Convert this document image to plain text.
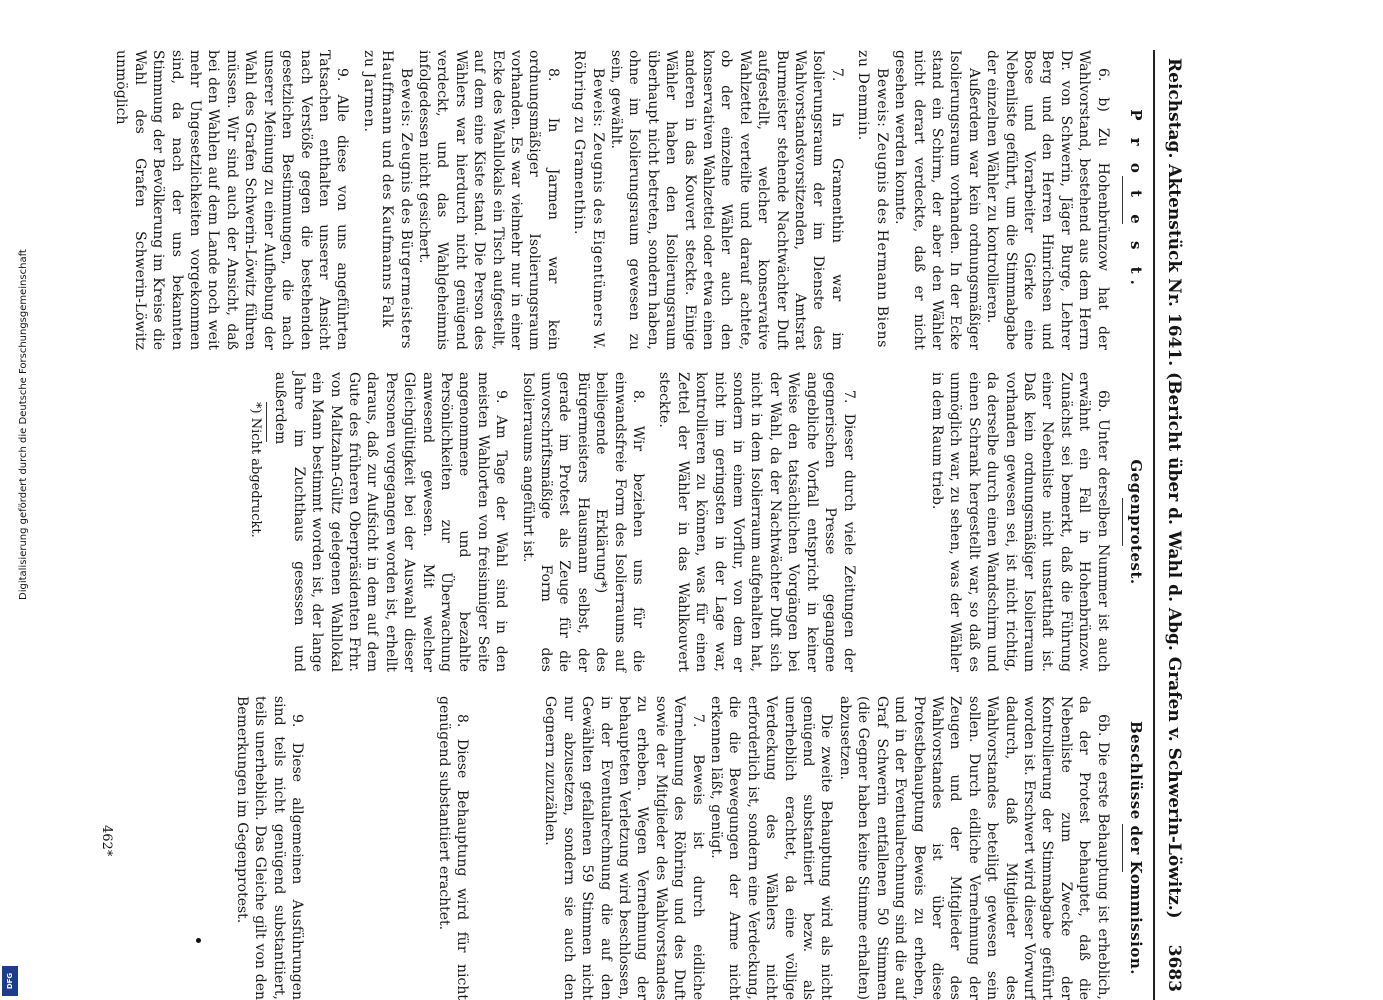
Digitalisierung gefördert durch die Deutsche Forschungsgemeinschaft
DFG
Reichstag. Aktenstück Nr. 1641. (Bericht über d. Wahl d. Abg. Grafen v. Schwerin-Löwitz.)
3683
P r o t e s t.

6. b) Zu Hohenbrünzow hat der Wahlvorstand, bestehend aus dem Herrn Dr. von Schwerin, Jäger Burge, Lehrer Berg und den Herren Hinrichsen und Bose und Vorarbeiter Gierke eine Nebenliste geführt, um die Stimmabgabe der einzelnen Wähler zu kontrollieren.

Außerdem war kein ordnungsmäßiger Isolierungsraum vorhanden. In der Ecke stand ein Schirm, der aber den Wähler nicht derart verdeckte, daß er nicht gesehen werden konnte.

Beweis: Zeugnis des Hermann Biens zu Demmin.

7. In Gramenthin war im Isolierungsraum der im Dienste des Wahlvorstandsvorsitzenden, Amtsrat Burmeister stehende Nachtwächter Duft aufgestellt, welcher konservative Wahlzettel verteilte und darauf achtete, ob der einzelne Wähler auch den konservativen Wahlzettel oder etwa einen anderen in das Kouvert steckte. Einige Wähler haben den Isolierungsraum überhaupt nicht betreten, sondern haben, ohne im Isolierungsraum gewesen zu sein, gewählt.

Beweis: Zeugnis des Eigentümers W. Röhring zu Gramenthin.

8. In Jarmen war kein ordnungsmäßiger Isolierungsraum vorhanden. Es war vielmehr nur in einer Ecke des Wahllokals ein Tisch aufgestellt, auf dem eine Kiste stand. Die Person des Wählers war hierdurch nicht genügend verdeckt, und das Wahlgeheimnis infolgedessen nicht gesichert.

Beweis: Zeugnis des Bürgermeisters Hauffmann und des Kaufmanns Falk zu Jarmen.

9. Alle diese von uns angeführten Tatsachen enthalten unserer Ansicht nach Verstöße gegen die bestehenden gesetzlichen Bestimmungen, die nach unserer Meinung zu einer Aufhebung der Wahl des Grafen Schwerin-Löwitz führen müssen. Wir sind auch der Ansicht, daß bei den Wahlen auf dem Lande noch weit mehr Ungesetzlichkeiten vorgekommen sind, da nach der uns bekannten Stimmung der Bevölkerung im Kreise die Wahl des Grafen Schwerin-Löwitz unmöglich

Gegenprotest.

6b. Unter derselben Nummer ist auch erwähnt ein Fall in Hohenbrünzow. Zunächst sei bemerkt, daß die Führung einer Nebenliste nicht unstatthaft ist. Daß kein ordnungsmäßiger Isolierraum vorhanden gewesen sei, ist nicht richtig, da derselbe durch einen Wandschirm und einen Schrank hergestellt war, so daß es unmöglich war, zu sehen, was der Wähler in dem Raum trieb.

7. Dieser durch viele Zeitungen der gegnerischen Presse gegangene angebliche Vorfall entspricht in keiner Weise den tatsächlichen Vorgängen bei der Wahl, da der Nachtwächter Duft sich nicht in dem Isolierraum aufgehalten hat, sondern in einem Vorflur, von dem er nicht im geringsten in der Lage war, kontrollieren zu können, was für einen Zettel der Wähler in das Wahlkouvert steckte.

8. Wir beziehen uns für die einwandsfreie Form des Isolierraums auf beiliegende Erklärung*) des Bürgermeisters Hausmann selbst, der gerade im Protest als Zeuge für die unvorschriftsmäßige Form des Isolierraums angeführt ist.

9. Am Tage der Wahl sind in den meisten Wahlorten von freisinniger Seite angenommene und bezahlte Persönlichkeiten zur Überwachung anwesend gewesen. Mit welcher Gleichgültigkeit bei der Auswahl dieser Personen vorgegangen worden ist, erhellt daraus, daß zur Aufsicht in dem auf dem Gute des früheren Oberpräsidenten Frhr. von Maltzahn-Gültz gelegenen Wahllokal ein Mann bestimmt worden ist, der lange Jahre im Zuchthaus gesessen und außerdem

*) Nicht abgedruckt.

Beschlüsse der Kommission.

6b. Die erste Behauptung ist erheblich, da der Protest behauptet, daß die Nebenliste zum Zwecke der Kontrollierung der Stimmabgabe geführt worden ist. Erschwert wird dieser Vorwurf dadurch, daß Mitglieder des Wahlvorstandes beteiligt gewesen sein sollen. Durch eidliche Vernehmung der Zeugen und der Mitglieder des Wahlvorstandes ist über diese Protestbehauptung Beweis zu erheben, und in der Eventualrechnung sind die auf Graf Schwerin entfallenen 50 Stimmen (die Gegner haben keine Stimme erhalten) abzusetzen.

Die zweite Behauptung wird als nicht genügend substantiiert bezw. als unerheblich erachtet, da eine völlige Verdeckung des Wählers nicht erforderlich ist, sondern eine Verdeckung, die die Bewegungen der Arme nicht erkennen läßt, genügt.

7. Beweis ist durch eidliche Vernehmung des Röhring und des Duft sowie der Mitglieder des Wahlvorstandes zu erheben. Wegen Vernehmung der behaupteten Verletzung wird beschlossen, in der Eventualrechnung die auf den Gewählten gefallenen 59 Stimmen nicht nur abzusetzen, sondern sie auch den Gegnern zuzuzählen.

8. Diese Behauptung wird für nicht genügend substantiiert erachtet.

9. Diese allgemeinen Ausführungen sind teils nicht genügend substantiiert, teils unerheblich. Das Gleiche gilt von den Bemerkungen im Gegenprotest.

462*
